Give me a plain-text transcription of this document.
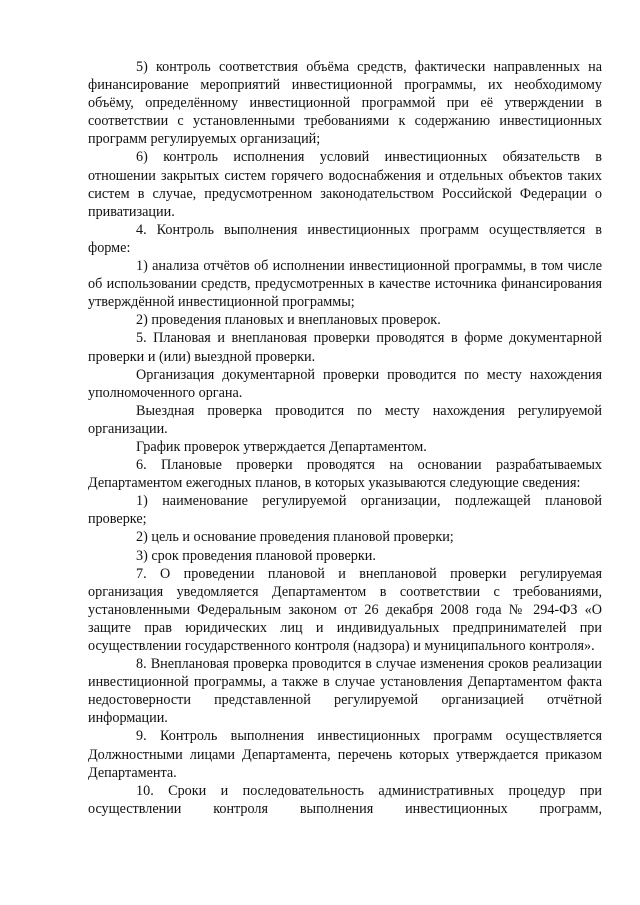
5) контроль соответствия объёма средств, фактически направленных на финансирование мероприятий инвестиционной программы, их необходимому объёму, определённому инвестиционной программой при её утверждении в соответствии с установленными требованиями к содержанию инвестиционных программ регулируемых организаций;

6) контроль исполнения условий инвестиционных обязательств в отношении закрытых систем горячего водоснабжения и отдельных объектов таких систем в случае, предусмотренном законодательством Российской Федерации о приватизации.

4. Контроль выполнения инвестиционных программ осуществляется в форме:

1) анализа отчётов об исполнении инвестиционной программы, в том числе об использовании средств, предусмотренных в качестве источника финансирования утверждённой инвестиционной программы;

2) проведения плановых и внеплановых проверок.

5. Плановая и внеплановая проверки проводятся в форме документарной проверки и (или) выездной проверки.

Организация документарной проверки проводится по месту нахождения уполномоченного органа.

Выездная проверка проводится по месту нахождения регулируемой организации.

График проверок утверждается Департаментом.

6. Плановые проверки проводятся на основании разрабатываемых Департаментом ежегодных планов, в которых указываются следующие сведения:

1) наименование регулируемой организации, подлежащей плановой проверке;

2) цель и основание проведения плановой проверки;

3) срок проведения плановой проверки.

7. О проведении плановой и внеплановой проверки регулируемая организация уведомляется Департаментом в соответствии с требованиями, установленными Федеральным законом от 26 декабря 2008 года № 294-ФЗ «О защите прав юридических лиц и индивидуальных предпринимателей при осуществлении государственного контроля (надзора) и муниципального контроля».

8. Внеплановая проверка проводится в случае изменения сроков реализации инвестиционной программы, а также в случае установления Департаментом факта недостоверности представленной регулируемой организацией отчётной информации.

9. Контроль выполнения инвестиционных программ осуществляется Должностными лицами Департамента, перечень которых утверждается приказом Департамента.

10. Сроки и последовательность административных процедур при осуществлении контроля выполнения инвестиционных программ,
